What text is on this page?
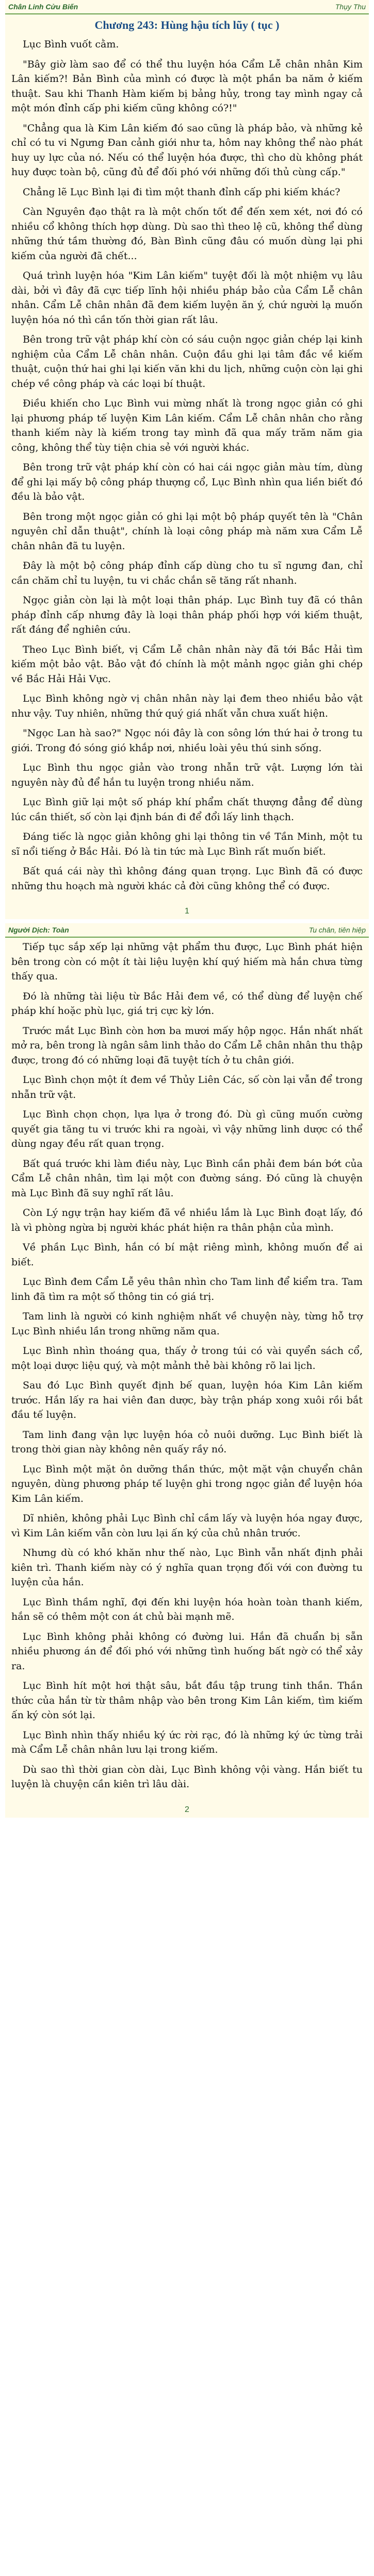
Chân Linh Cửu Biến	Thụy Thu
Chương 243: Hùng hậu tích lũy ( tục )

Lục Bình vuốt cằm.

"Bây giờ làm sao để có thể thu luyện hóa Cẩm Lễ chân nhân Kim Lân kiếm?! Bản Bình của mình có được là một phần ba năm ở kiếm thuật. Sau khi Thanh Hàm kiếm bị bảng hủy, trong tay mình ngay cả một món đỉnh cấp phi kiếm cũng không có?!"

"Chẳng qua là Kim Lân kiếm đó sao cũng là pháp bảo, và những kẻ chỉ có tu vi Ngưng Đan cảnh giới như ta, hôm nay không thể nào phát huy uy lực của nó. Nếu có thể luyện hóa được, thì cho dù không phát huy được toàn bộ, cũng đủ để đối phó với những đối thủ cùng cấp."

Chẳng lẽ Lục Bình lại đi tìm một thanh đỉnh cấp phi kiếm khác?

Càn Nguyên đạo thật ra là một chốn tốt để đến xem xét, nơi đó có nhiều cổ không thích hợp dùng. Dù sao thì theo lệ cũ, không thể dùng những thứ tầm thường đó, Bàn Bình cũng đâu có muốn dùng lại phi kiếm của người đã chết...

Quá trình luyện hóa "Kim Lân kiếm" tuyệt đối là một nhiệm vụ lâu dài, bởi vì đây đã cực tiếp lĩnh hội nhiều pháp bảo của Cẩm Lễ chân nhân. Cẩm Lễ chân nhân đã đem kiếm luyện ăn ý, chứ người lạ muốn luyện hóa nó thì cần tốn thời gian rất lâu.

Bên trong trữ vật pháp khí còn có sáu cuộn ngọc giản chép lại kinh nghiệm của Cẩm Lễ chân nhân. Cuộn đầu ghi lại tâm đắc về kiếm thuật, cuộn thứ hai ghi lại kiến văn khi du lịch, những cuộn còn lại ghi chép về công pháp và các loại bí thuật.

Điều khiến cho Lục Bình vui mừng nhất là trong ngọc giản có ghi lại phương pháp tế luyện Kim Lân kiếm. Cẩm Lễ chân nhân cho rằng thanh kiếm này là kiếm trong tay mình đã qua mấy trăm năm gia công, không thể tùy tiện chia sẻ với người khác.

Bên trong trữ vật pháp khí còn có hai cái ngọc giản màu tím, dùng để ghi lại mấy bộ công pháp thượng cổ, Lục Bình nhìn qua liền biết đó đều là bảo vật.

Bên trong một ngọc giản có ghi lại một bộ pháp quyết tên là "Chân nguyên chỉ dẫn thuật", chính là loại công pháp mà năm xưa Cẩm Lễ chân nhân đã tu luyện.

Đây là một bộ công pháp đỉnh cấp dùng cho tu sĩ ngưng đan, chỉ cần chăm chỉ tu luyện, tu vi chắc chắn sẽ tăng rất nhanh.

Ngọc giản còn lại là một loại thân pháp. Lục Bình tuy đã có thân pháp đỉnh cấp nhưng đây là loại thân pháp phối hợp với kiếm thuật, rất đáng để nghiên cứu.

Theo Lục Bình biết, vị Cẩm Lễ chân nhân này đã tới Bắc Hải tìm kiếm một bảo vật. Bảo vật đó chính là một mảnh ngọc giản ghi chép về Bắc Hải Hải Vực.

Lục Bình không ngờ vị chân nhân này lại đem theo nhiều bảo vật như vậy. Tuy nhiên, những thứ quý giá nhất vẫn chưa xuất hiện.

"Ngọc Lan hà sao?" Ngọc nói đây là con sông lớn thứ hai ở trong tu giới. Trong đó sóng gió khắp nơi, nhiều loài yêu thú sinh sống.

Lục Bình thu ngọc giản vào trong nhẫn trữ vật. Lượng lớn tài nguyên này đủ để hắn tu luyện trong nhiều năm.

Lục Bình giữ lại một số pháp khí phẩm chất thượng đẳng để dùng lúc cần thiết, số còn lại định bán đi để đổi lấy linh thạch.

Đáng tiếc là ngọc giản không ghi lại thông tin về Tần Minh, một tu sĩ nổi tiếng ở Bắc Hải. Đó là tin tức mà Lục Bình rất muốn biết.

Bất quá cái này thì không đáng quan trọng. Lục Bình đã có được những thu hoạch mà người khác cả đời cũng không thể có được.

1
Người Dịch: Toàn	Tu chân, tiên hiệp

Tiếp tục sắp xếp lại những vật phẩm thu được, Lục Bình phát hiện bên trong còn có một ít tài liệu luyện khí quý hiếm mà hắn chưa từng thấy qua.

Đó là những tài liệu từ Bắc Hải đem về, có thể dùng để luyện chế pháp khí hoặc phù lục, giá trị cực kỳ lớn.

Trước mắt Lục Bình còn hơn ba mươi mấy hộp ngọc. Hắn nhất nhất mở ra, bên trong là ngân sâm linh thảo do Cẩm Lễ chân nhân thu thập được, trong đó có những loại đã tuyệt tích ở tu chân giới.

Lục Bình chọn một ít đem về Thủy Liên Các, số còn lại vẫn để trong nhẫn trữ vật.

Lục Bình chọn chọn, lựa lựa ở trong đó. Dù gì cũng muốn cường quyết gia tăng tu vi trước khi ra ngoài, vì vậy những linh dược có thể dùng ngay đều rất quan trọng.

Bất quá trước khi làm điều này, Lục Bình cần phải đem bán bớt của Cẩm Lễ chân nhân, tìm lại một con đường sáng. Đó cũng là chuyện mà Lục Bình đã suy nghĩ rất lâu.

Còn Lý ngự trận hay kiếm đã về nhiều lắm là Lục Bình đoạt lấy, đó là vì phòng ngừa bị người khác phát hiện ra thân phận của mình.

Về phần Lục Bình, hắn có bí mật riêng mình, không muốn để ai biết.

Lục Bình đem Cẩm Lễ yêu thân nhìn cho Tam linh để kiểm tra. Tam linh đã tìm ra một số thông tin có giá trị.

Tam linh là người có kinh nghiệm nhất về chuyện này, từng hỗ trợ Lục Bình nhiều lần trong những năm qua.

Lục Bình nhìn thoáng qua, thấy ở trong túi có vài quyển sách cổ, một loại dược liệu quý, và một mảnh thẻ bài không rõ lai lịch.

Sau đó Lục Bình quyết định bế quan, luyện hóa Kim Lân kiếm trước. Hắn lấy ra hai viên đan dược, bày trận pháp xong xuôi rồi bắt đầu tế luyện.

Tam linh đang vận lực luyện hóa cỏ nuôi dưỡng. Lục Bình biết là trong thời gian này không nên quấy rầy nó.

Lục Bình một mặt ôn dưỡng thần thức, một mặt vận chuyển chân nguyên, dùng phương pháp tế luyện ghi trong ngọc giản để luyện hóa Kim Lân kiếm.

Dĩ nhiên, không phải Lục Bình chỉ cầm lấy và luyện hóa ngay được, vì Kim Lân kiếm vẫn còn lưu lại ấn ký của chủ nhân trước.

Nhưng dù có khó khăn như thế nào, Lục Bình vẫn nhất định phải kiên trì. Thanh kiếm này có ý nghĩa quan trọng đối với con đường tu luyện của hắn.

Lục Bình thầm nghĩ, đợi đến khi luyện hóa hoàn toàn thanh kiếm, hắn sẽ có thêm một con át chủ bài mạnh mẽ.

Lục Bình không phải không có đường lui. Hắn đã chuẩn bị sẵn nhiều phương án để đối phó với những tình huống bất ngờ có thể xảy ra.

Lục Bình hít một hơi thật sâu, bắt đầu tập trung tinh thần. Thần thức của hắn từ từ thâm nhập vào bên trong Kim Lân kiếm, tìm kiếm ấn ký còn sót lại.

Lục Bình nhìn thấy nhiều ký ức rời rạc, đó là những ký ức từng trải mà Cẩm Lễ chân nhân lưu lại trong kiếm.

Dù sao thì thời gian còn dài, Lục Bình không vội vàng. Hắn biết tu luyện là chuyện cần kiên trì lâu dài.

2
